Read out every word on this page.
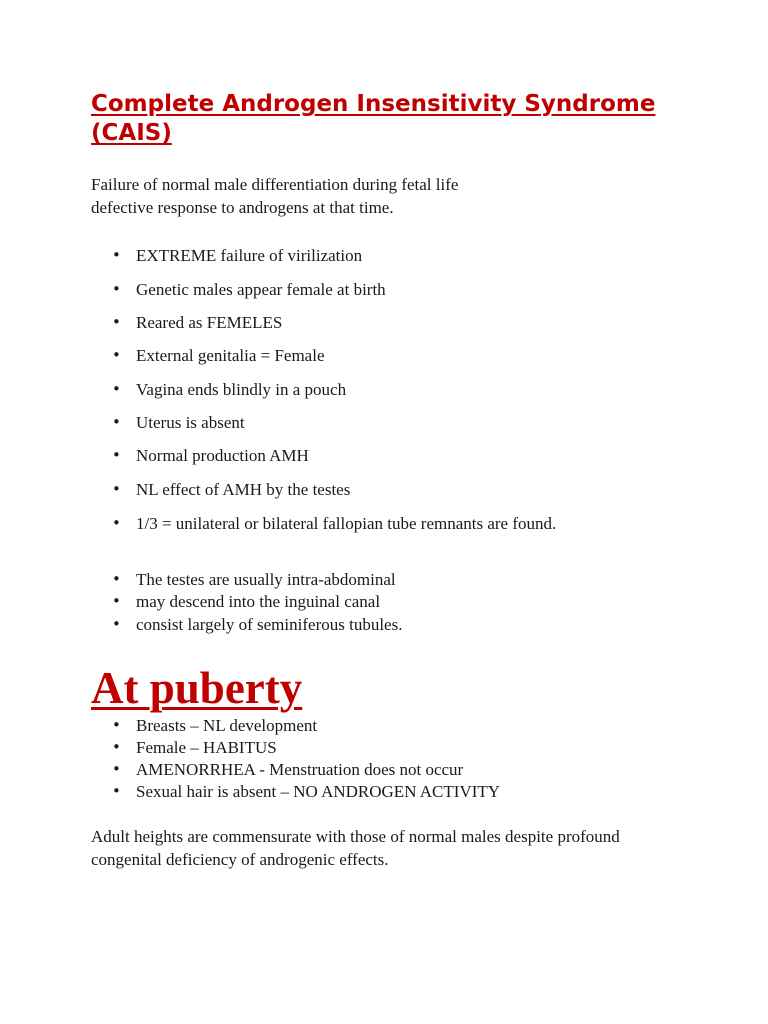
Complete Androgen Insensitivity Syndrome (CAIS)

Failure of normal male differentiation during fetal life
defective response to androgens at that time.

• EXTREME failure of virilization
• Genetic males appear female at birth
• Reared as FEMELES
• External genitalia = Female
• Vagina ends blindly in a pouch
• Uterus is absent
• Normal production AMH
• NL effect of AMH by the testes
• 1/3 = unilateral or bilateral fallopian tube remnants are found.
• The testes are usually intra-abdominal
• may descend into the inguinal canal
• consist largely of seminiferous tubules.
At puberty
• Breasts – NL development
• Female – HABITUS
• AMENORRHEA - Menstruation does not occur
• Sexual hair is absent – NO ANDROGEN ACTIVITY

Adult heights are commensurate with those of normal males despite profound
congenital deficiency of androgenic effects.
